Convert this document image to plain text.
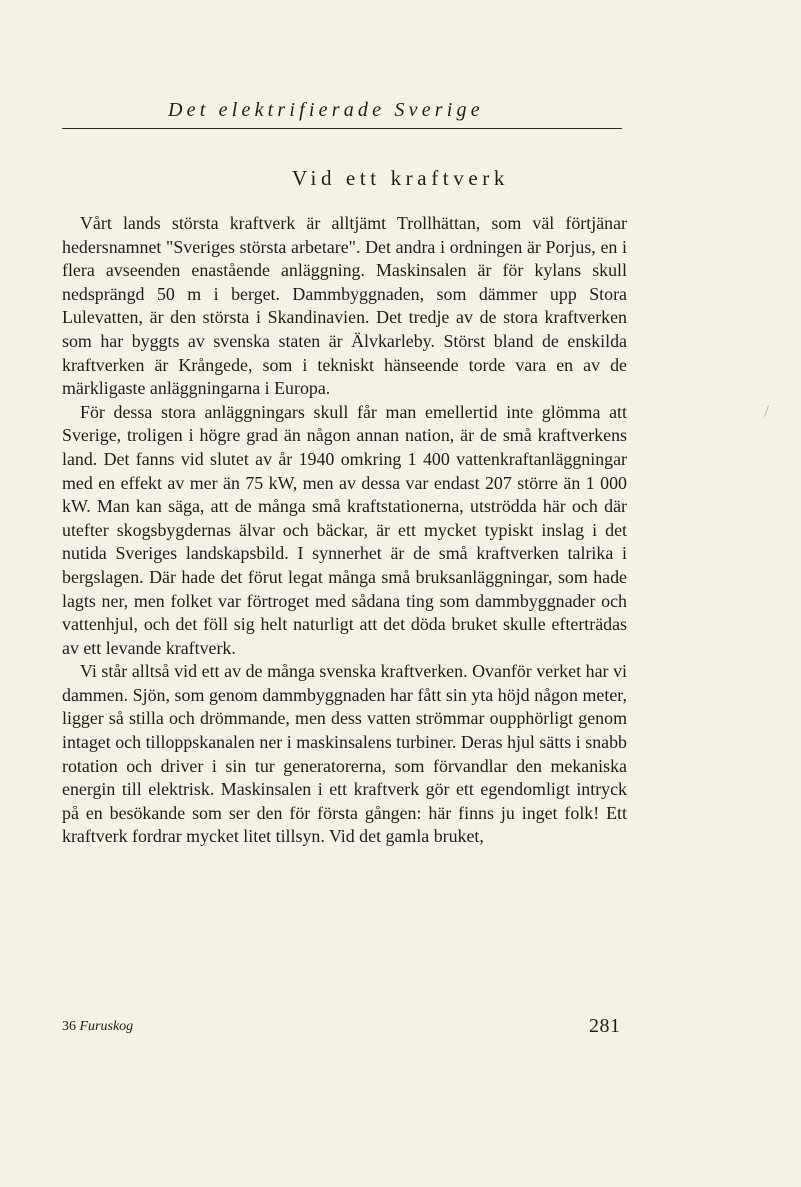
Det elektrifierade Sverige
Vid ett kraftverk

Vårt lands största kraftverk är alltjämt Trollhättan, som väl förtjänar hedersnamnet "Sveriges största arbetare". Det andra i ordningen är Porjus, en i flera avseenden enastående anläggning. Maskinsalen är för kylans skull nedsprängd 50 m i berget. Dammbyggnaden, som dämmer upp Stora Lulevatten, är den största i Skandinavien. Det tredje av de stora kraftverken som har byggts av svenska staten är Älvkarleby. Störst bland de enskilda kraftverken är Krångede, som i tekniskt hänseende torde vara en av de märkligaste anläggningarna i Europa.

För dessa stora anläggningars skull får man emellertid inte glömma att Sverige, troligen i högre grad än någon annan nation, är de små kraftverkens land. Det fanns vid slutet av år 1940 omkring 1 400 vattenkraftanläggningar med en effekt av mer än 75 kW, men av dessa var endast 207 större än 1 000 kW. Man kan säga, att de många små kraftstationerna, utströdda här och där utefter skogsbygdernas älvar och bäckar, är ett mycket typiskt inslag i det nutida Sveriges landskapsbild. I synnerhet är de små kraftverken talrika i bergslagen. Där hade det förut legat många små bruksanläggningar, som hade lagts ner, men folket var förtroget med sådana ting som dammbyggnader och vattenhjul, och det föll sig helt naturligt att det döda bruket skulle efterträdas av ett levande kraftverk.

Vi står alltså vid ett av de många svenska kraftverken. Ovanför verket har vi dammen. Sjön, som genom dammbyggnaden har fått sin yta höjd någon meter, ligger så stilla och drömmande, men dess vatten strömmar oupphörligt genom intaget och tilloppskanalen ner i maskinsalens turbiner. Deras hjul sätts i snabb rotation och driver i sin tur generatorerna, som förvandlar den mekaniska energin till elektrisk. Maskinsalen i ett kraftverk gör ett egendomligt intryck på en besökande som ser den för första gången: här finns ju inget folk! Ett kraftverk fordrar mycket litet tillsyn. Vid det gamla bruket,

36 Furuskog	281
